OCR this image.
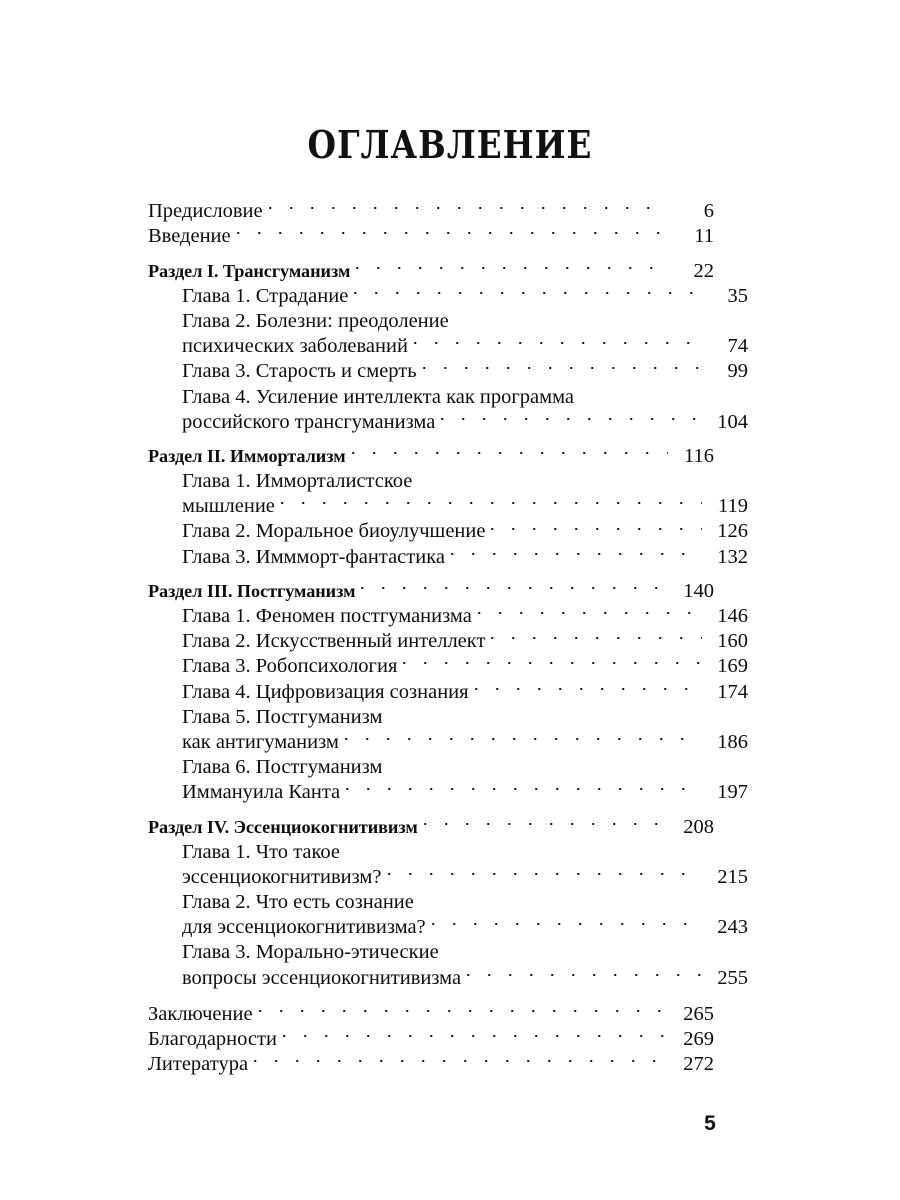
ОГЛАВЛЕНИЕ
Предисловие	6
Введение	11
Раздел I. Трансгуманизм	22
Глава 1. Страдание	35
Глава 2. Болезни: преодоление
психических заболеваний	74
Глава 3. Старость и смерть	99
Глава 4. Усиление интеллекта как программа
российского трансгуманизма	104
Раздел II. Иммортализм	116
Глава 1. Имморталистское
мышление	119
Глава 2. Моральное биоулучшение	126
Глава 3. Иммморт-фантастика	132
Раздел III. Постгуманизм	140
Глава 1. Феномен постгуманизма	146
Глава 2. Искусственный интеллект	160
Глава 3. Робопсихология	169
Глава 4. Цифровизация сознания	174
Глава 5. Постгуманизм
как антигуманизм	186
Глава 6. Постгуманизм
Иммануила Канта	197
Раздел IV. Эссенциокогнитивизм	208
Глава 1. Что такое
эссенциокогнитивизм?	215
Глава 2. Что есть сознание
для эссенциокогнитивизма?	243
Глава 3. Морально-этические
вопросы эссенциокогнитивизма	255
Заключение	265
Благодарности	269
Литература	272
5
